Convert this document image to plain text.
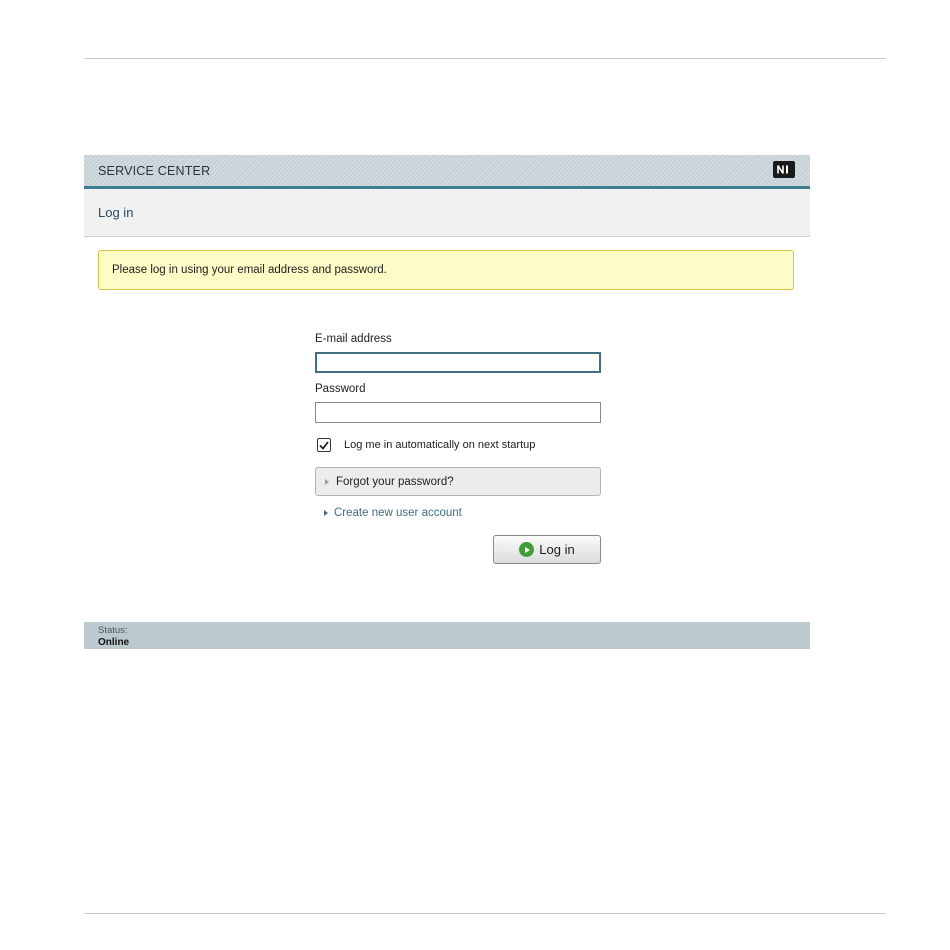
SERVICE CENTER
Log in
Please log in using your email address and password.
E-mail address
Password
Log me in automatically on next startup
Forgot your password?
Create new user account
Log in
Status:
Online
